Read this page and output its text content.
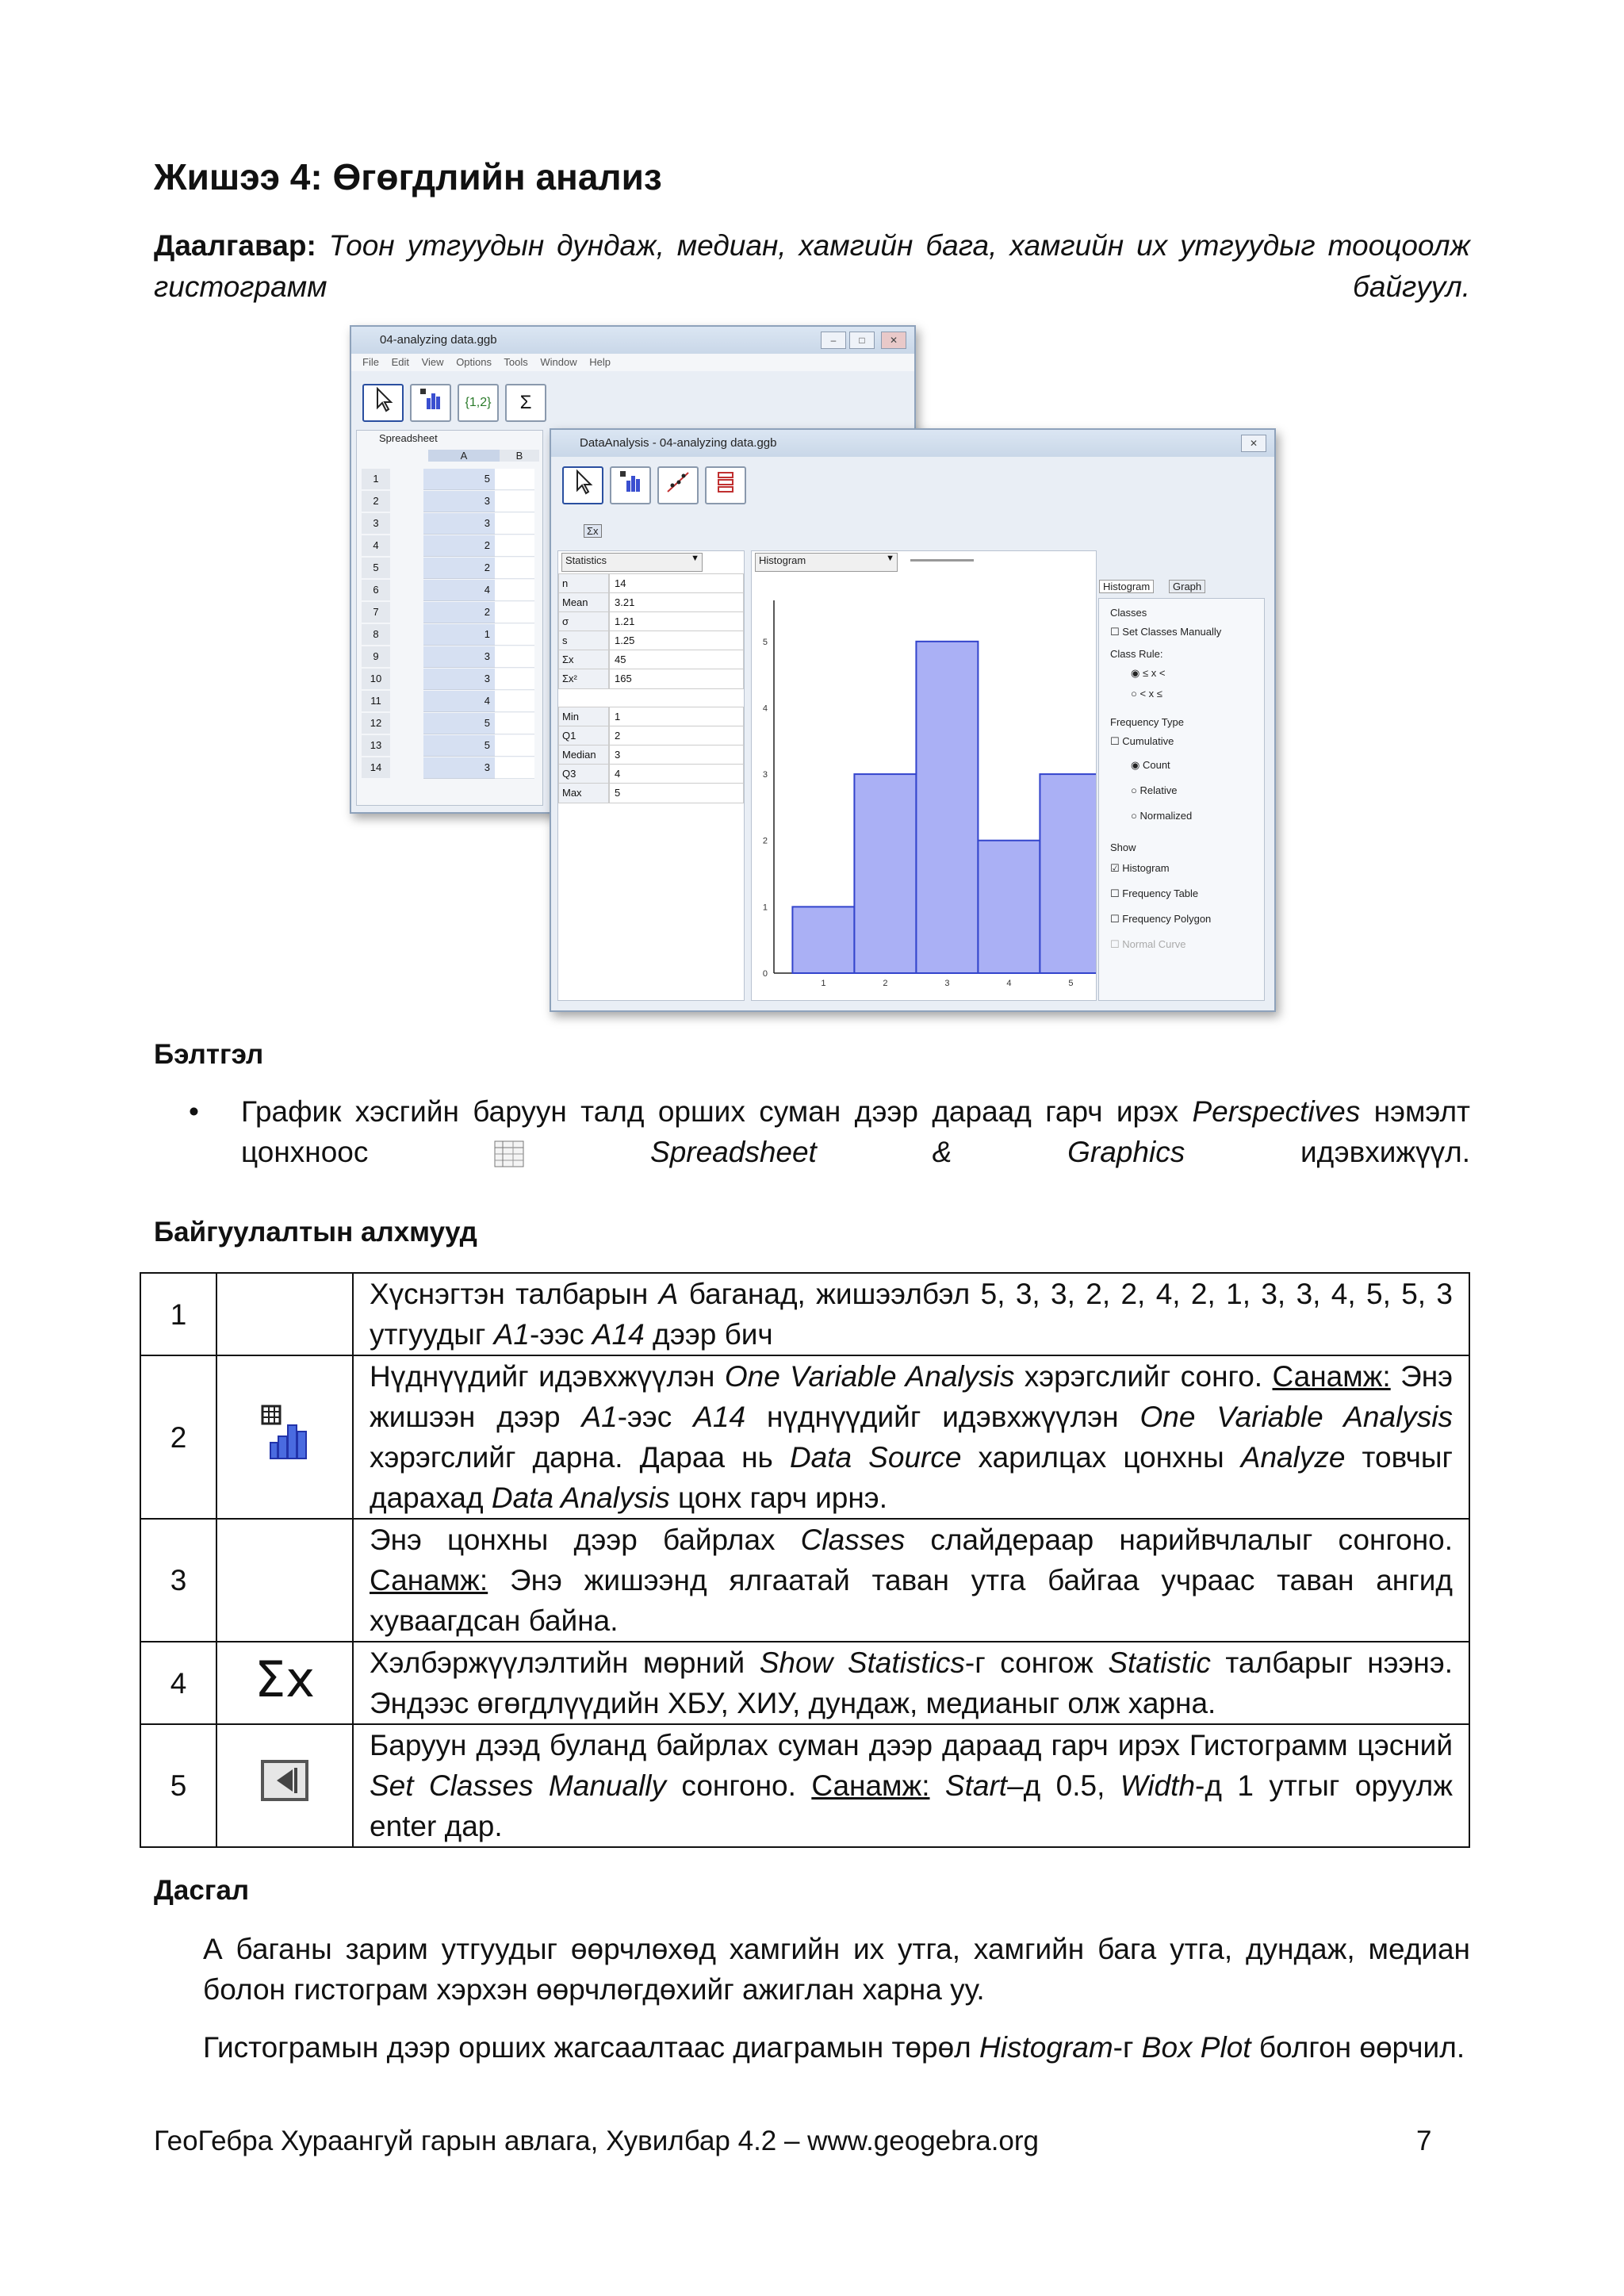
Жишээ 4: Өгөгдлийн анализ
Даалгавар: Тоон утгуудын дундаж, медиан, хамгийн бага, хамгийн их утгуудыг тооцоолж гистограмм байгуул.
04-analyzing data.ggb	–	□	✕
File Edit View Options Tools Window Help
{1,2}	Σ
Spreadsheet
A	B
1	5
2	3
3	3
4	2
5	2
6	4
7	2
8	1
9	3
10	3
11	4
12	5
13	5
14	3
DataAnalysis - 04-analyzing data.ggb	✕
Σx
Statistics	▼
n	14
Mean	3.21
σ	1.21
s	1.25
Σx	45
Σx²	165
Min	1
Q1	2
Median	3
Q3	4
Max	5
Histogram	▼
0
1
2
3
4
5
1	2	3	4	5
Histogram	Graph
Classes
☐ Set Classes Manually
Class Rule:
◉ ≤ x <
○ < x ≤
Frequency Type
☐ Cumulative
◉ Count
○ Relative
○ Normalized
Show
☑ Histogram
☐ Frequency Table
☐ Frequency Polygon
☐ Normal Curve
Бэлтгэл
• График хэсгийн баруун талд орших суман дээр дараад гарч ирэх Perspectives нэмэлт цонхноос	Spreadsheet & Graphics	идэвхижүүл.
Байгуулалтын алхмууд
1		Хүснэгтэн талбарын A баганад, жишээлбэл 5, 3, 3, 2, 2, 4, 2, 1, 3, 3, 4, 5, 5, 3 утгуудыг A1-ээс A14 дээр бич
2		Нүднүүдийг идэвхжүүлэн One Variable Analysis хэрэгслийг сонго. Санамж: Энэ жишээн дээр A1-ээс A14 нүднүүдийг идэвхжүүлэн One Variable Analysis хэрэгслийг дарна. Дараа нь Data Source харилцах цонхны Analyze товчыг дарахад Data Analysis цонх гарч ирнэ.
3		Энэ цонхны дээр байрлах Classes слайдераар нарийвчлалыг сонгоно. Санамж: Энэ жишээнд ялгаатай таван утга байгаа учраас таван ангид хуваагдсан байна.
4	Σx	Хэлбэржүүлэлтийн мөрний Show Statistics-г сонгож Statistic талбарыг нээнэ. Эндээс өгөгдлүүдийн ХБУ, ХИУ, дундаж, медианыг олж харна.
5		Баруун дээд буланд байрлах суман дээр дараад гарч ирэх Гистограмм цэсний Set Classes Manually сонгоно. Санамж: Start–д 0.5, Width-д 1 утгыг оруулж enter дар.
Дасгал
А баганы зарим утгуудыг өөрчлөхөд хамгийн их утга, хамгийн бага утга, дундаж, медиан болон гистограм хэрхэн өөрчлөгдөхийг ажиглан харна уу.
Гистограмын дээр орших жагсаалтаас диаграмын төрөл Histogram-г Box Plot болгон өөрчил.
ГеоГебра Хураангуй гарын авлага, Хувилбар 4.2 – www.geogebra.org	7
